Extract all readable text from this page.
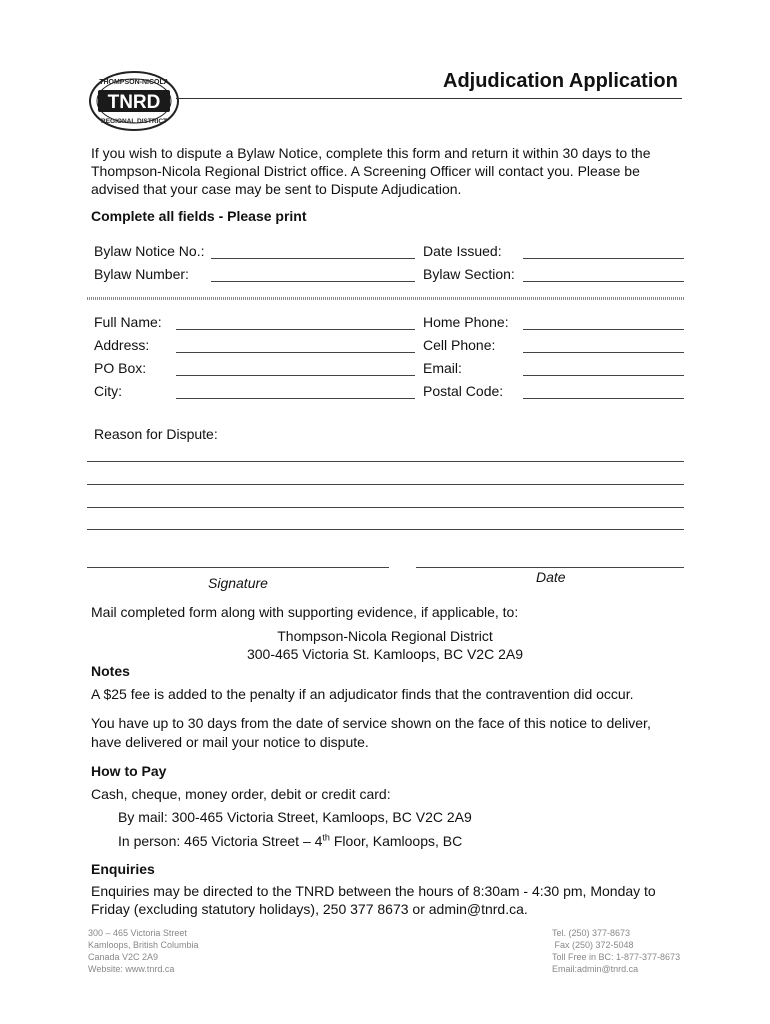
TNRD
THOMPSON-NICOLA
REGIONAL DISTRICT
Adjudication Application
If you wish to dispute a Bylaw Notice, complete this form and return it within 30 days to the Thompson-Nicola Regional District office. A Screening Officer will contact you. Please be advised that your case may be sent to Dispute Adjudication.
Complete all fields - Please print
Bylaw Notice No.:	Date Issued:
Bylaw Number:	Bylaw Section:
Full Name:	Home Phone:
Address:	Cell Phone:
PO Box:	Email:
City:	Postal Code:
Reason for Dispute:
Signature	Date
Mail completed form along with supporting evidence, if applicable, to:
Thompson-Nicola Regional District
300-465 Victoria St. Kamloops, BC V2C 2A9
Notes
A $25 fee is added to the penalty if an adjudicator finds that the contravention did occur.
You have up to 30 days from the date of service shown on the face of this notice to deliver,
have delivered or mail your notice to dispute.
How to Pay
Cash, cheque, money order, debit or credit card:
By mail: 300-465 Victoria Street, Kamloops, BC V2C 2A9
In person: 465 Victoria Street – 4th Floor, Kamloops, BC
Enquiries
Enquiries may be directed to the TNRD between the hours of 8:30am - 4:30 pm, Monday to
Friday (excluding statutory holidays), 250 377 8673 or admin@tnrd.ca.
300 – 465 Victoria Street
Kamloops, British Columbia
Canada V2C 2A9
Website: www.tnrd.ca
Tel. (250) 377-8673
Fax (250) 372-5048
Toll Free in BC: 1-877-377-8673
Email:admin@tnrd.ca
